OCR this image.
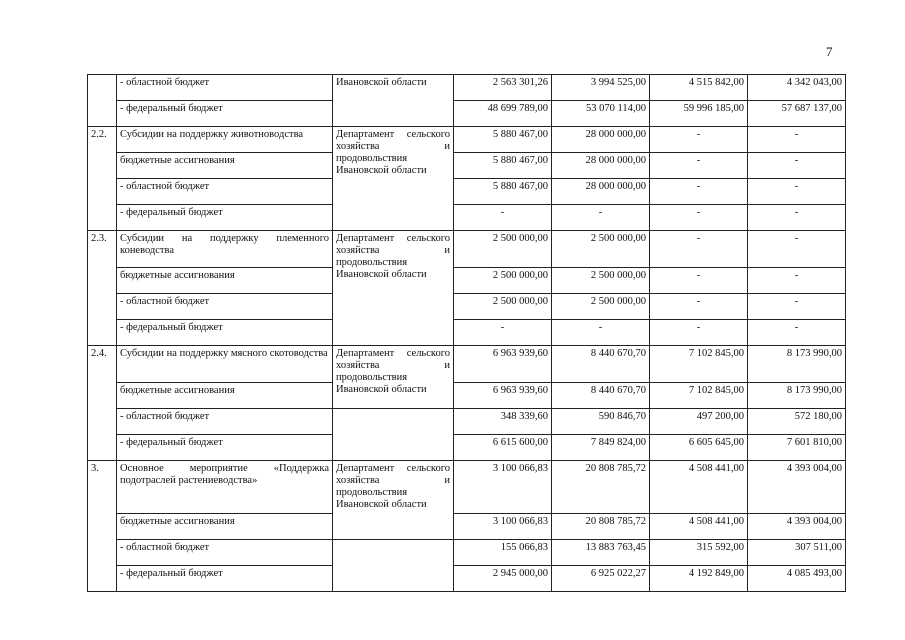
7
	- областной бюджет	Ивановской области	2 563 301,26	3 994 525,00	4 515 842,00	4 342 043,00
	- федеральный бюджет		48 699 789,00	53 070 114,00	59 996 185,00	57 687 137,00
2.2.	Субсидии на поддержку животноводства	Департамент сельского хозяйства и продовольствия Ивановской области	5 880 467,00	28 000 000,00	-	-
	бюджетные ассигнования		5 880 467,00	28 000 000,00	-	-
	- областной бюджет		5 880 467,00	28 000 000,00	-	-
	- федеральный бюджет		-	-	-	-
2.3.	Субсидии на поддержку племенного коневодства	Департамент сельского хозяйства и продовольствия Ивановской области	2 500 000,00	2 500 000,00	-	-
	бюджетные ассигнования		2 500 000,00	2 500 000,00	-	-
	- областной бюджет		2 500 000,00	2 500 000,00	-	-
	- федеральный бюджет		-	-	-	-
2.4.	Субсидии на поддержку мясного скотоводства	Департамент сельского хозяйства и продовольствия Ивановской области	6 963 939,60	8 440 670,70	7 102 845,00	8 173 990,00
	бюджетные ассигнования		6 963 939,60	8 440 670,70	7 102 845,00	8 173 990,00
	- областной бюджет		348 339,60	590 846,70	497 200,00	572 180,00
	- федеральный бюджет		6 615 600,00	7 849 824,00	6 605 645,00	7 601 810,00
3.	Основное мероприятие «Поддержка подотраслей растениеводства»	Департамент сельского хозяйства и продовольствия Ивановской области	3 100 066,83	20 808 785,72	4 508 441,00	4 393 004,00
	бюджетные ассигнования		3 100 066,83	20 808 785,72	4 508 441,00	4 393 004,00
	- областной бюджет		155 066,83	13 883 763,45	315 592,00	307 511,00
	- федеральный бюджет		2 945 000,00	6 925 022,27	4 192 849,00	4 085 493,00
